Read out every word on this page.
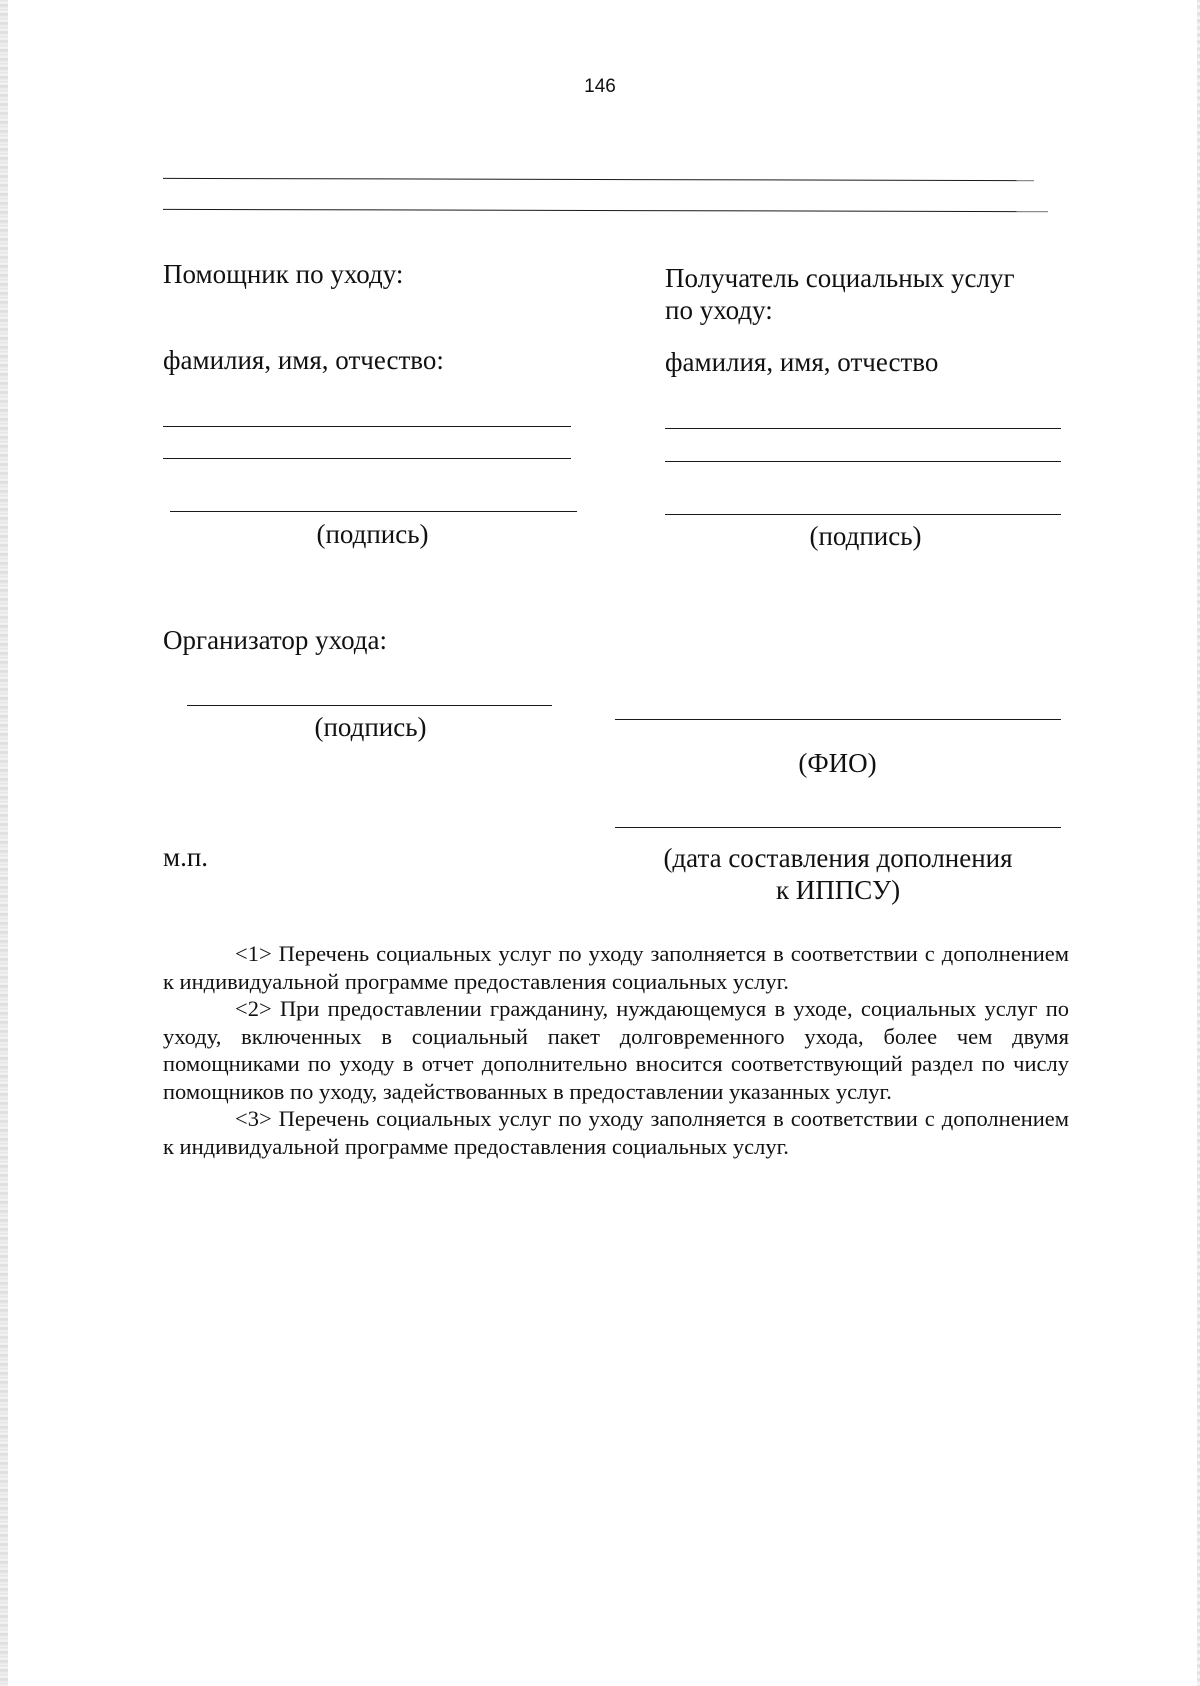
146
Помощник по уходу:
фамилия, имя, отчество:
(подпись)
Получатель социальных услуг
по уходу:
фамилия, имя, отчество
(подпись)
Организатор ухода:
(подпись)
(ФИО)
м.п.	(дата составления дополнения
к ИППСУ)

<1> Перечень социальных услуг по уходу заполняется в соответствии с дополнением к индивидуальной программе предоставления социальных услуг.

<2> При предоставлении гражданину, нуждающемуся в уходе, социальных услуг по уходу, включенных в социальный пакет долговременного ухода, более чем двумя помощниками по уходу в отчет дополнительно вносится соответствующий раздел по числу помощников по уходу, задействованных в предоставлении указанных услуг.

<3> Перечень социальных услуг по уходу заполняется в соответствии с дополнением к индивидуальной программе предоставления социальных услуг.
